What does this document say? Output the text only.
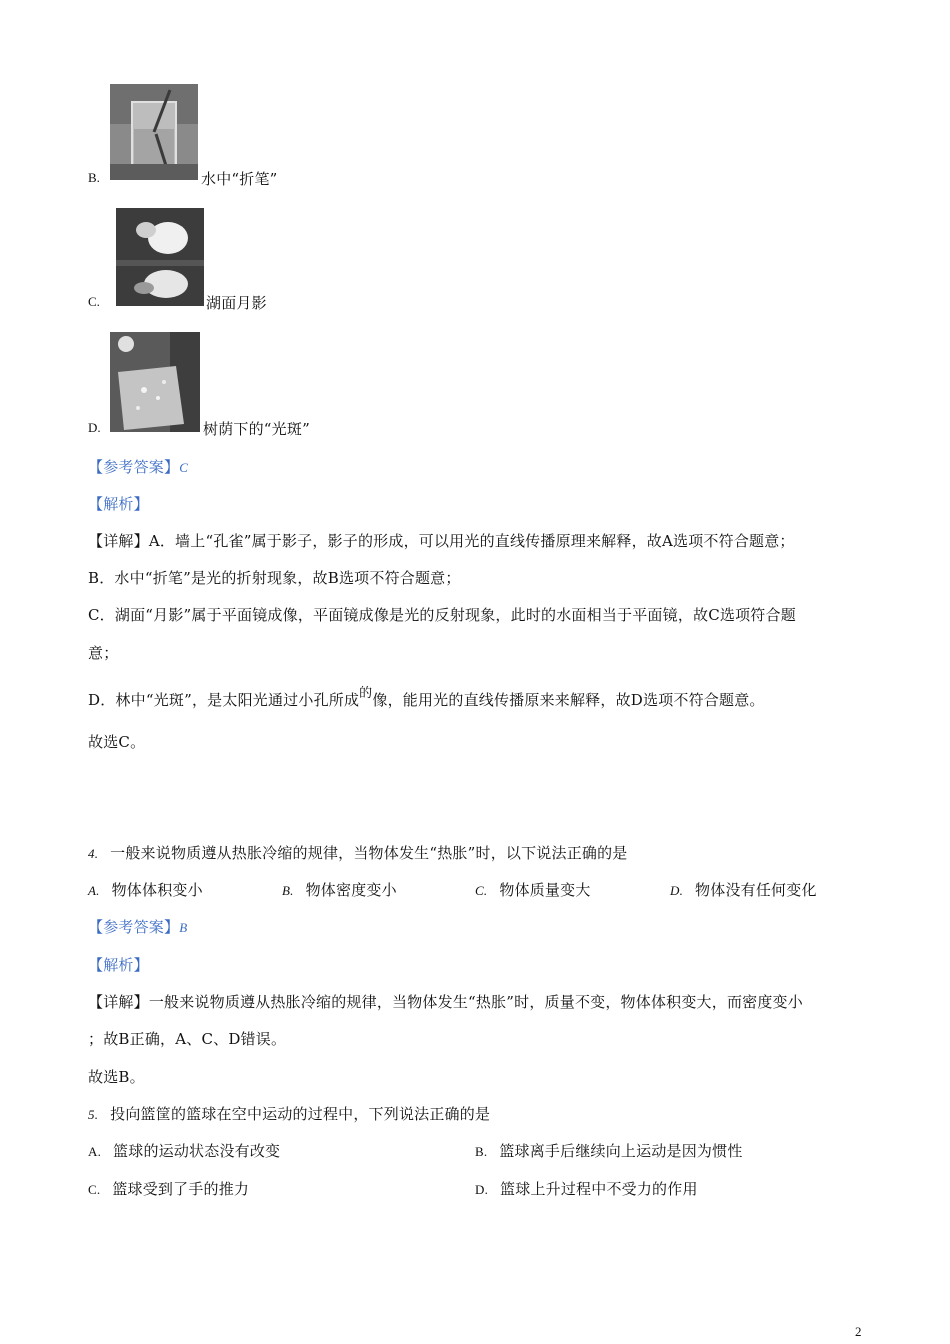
B.	水中“折笔”
C.	湖面月影
D.	树荫下的“光斑”
【参考答案】C
【解析】
【详解】A．墙上“孔雀”属于影子，影子的形成，可以用光的直线传播原理来解释，故A选项不符合题意；
B．水中“折笔”是光的折射现象，故B选项不符合题意；
C．湖面“月影”属于平面镜成像，平面镜成像是光的反射现象，此时的水面相当于平面镜，故C选项符合题
意；
D．林中“光斑”，是太阳光通过小孔所成的像，能用光的直线传播原来来解释，故D选项不符合题意。
故选C。
4. 一般来说物质遵从热胀冷缩的规律，当物体发生“热胀”时，以下说法正确的是
A. 物体体积变小	B. 物体密度变小	C. 物体质量变大	D. 物体没有任何变化
【参考答案】B
【解析】
【详解】一般来说物质遵从热胀冷缩的规律，当物体发生“热胀”时，质量不变，物体体积变大，而密度变小
；故B正确，A、C、D错误。
故选B。
5. 投向篮筐的篮球在空中运动的过程中，下列说法正确的是
A. 篮球的运动状态没有改变	B. 篮球离手后继续向上运动是因为惯性
C. 篮球受到了手的推力	D. 篮球上升过程中不受力的作用
2
